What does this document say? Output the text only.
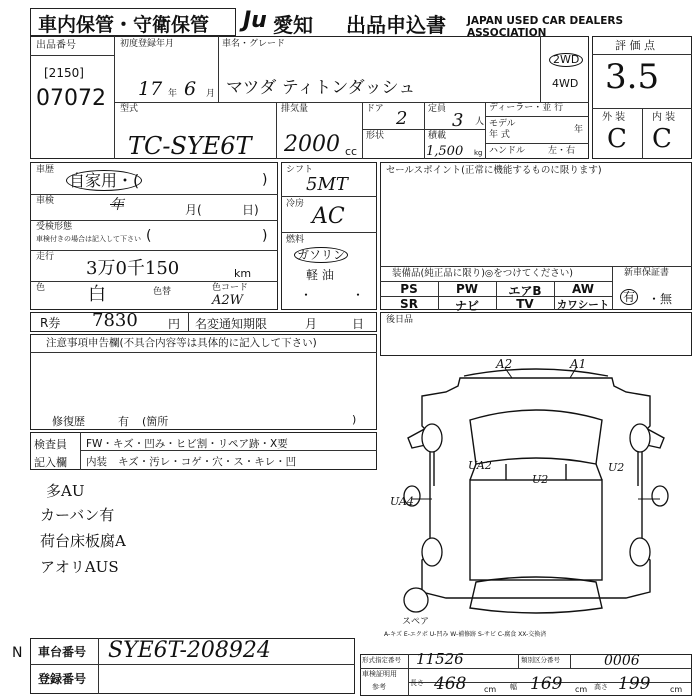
車内保管・守衛保管 Ju 愛知 出品申込書 JAPAN USED CAR DEALERS ASSOCIATION
出品番号
[2150]
07072
初度登録年月
17 年 6 月
車名・グレード
マツダ ティトンダッシュ
2WD
4WD
型式
TC-SYE6T
排気量
2000 cc
ドア 2
形状
定員
3 人
積載
1,500 kg
ディーラー・並 行
モデル
年 式	年
ハンドル	左・右
評 価 点
3.5
外 装	内 装
C C
車歴
自家用・(	)
車検	年	月(	日)
受検形態
車検付きの場合は記入して下さい (	)
走行
3万0千150	km
色 白	色替	色コード
A2W
シフト
5MT
冷房 AC
燃料
ガソリン
軽 油
・	・
セールスポイント(正常に機能するものに限ります)
装備品(純正品に限り)◎をつけてください)
PS	PW	エアB	AW
SR	ナビ	TV	カワシート
新車保証書
有 ・無
R券 7830	円 名変通知期限	月	日 後日品
注意事項申告欄(不具合内容等は具体的に記入して下さい)
修復歴	有 (箇所	)
検査員
記入欄
FW・キズ・凹み・ヒビ割・リペア跡・X要
内装 キズ・汚レ・コゲ・穴・ス・キレ・凹
多AU
カーバン有
荷台床板腐A
アオリAUS
A2	A1
UA2
U2
U2
UA4
スペア
A-キズ E-エクボ U-凹み W-補修跡 S-サビ C-腐食 XX-交換済
N 車台番号 SYE6T-208924
登録番号
形式指定番号 11526	類別区分番号	0006
参考
車検証明用
長さ 468 cm 幅 169 cm 高さ 199 cm
